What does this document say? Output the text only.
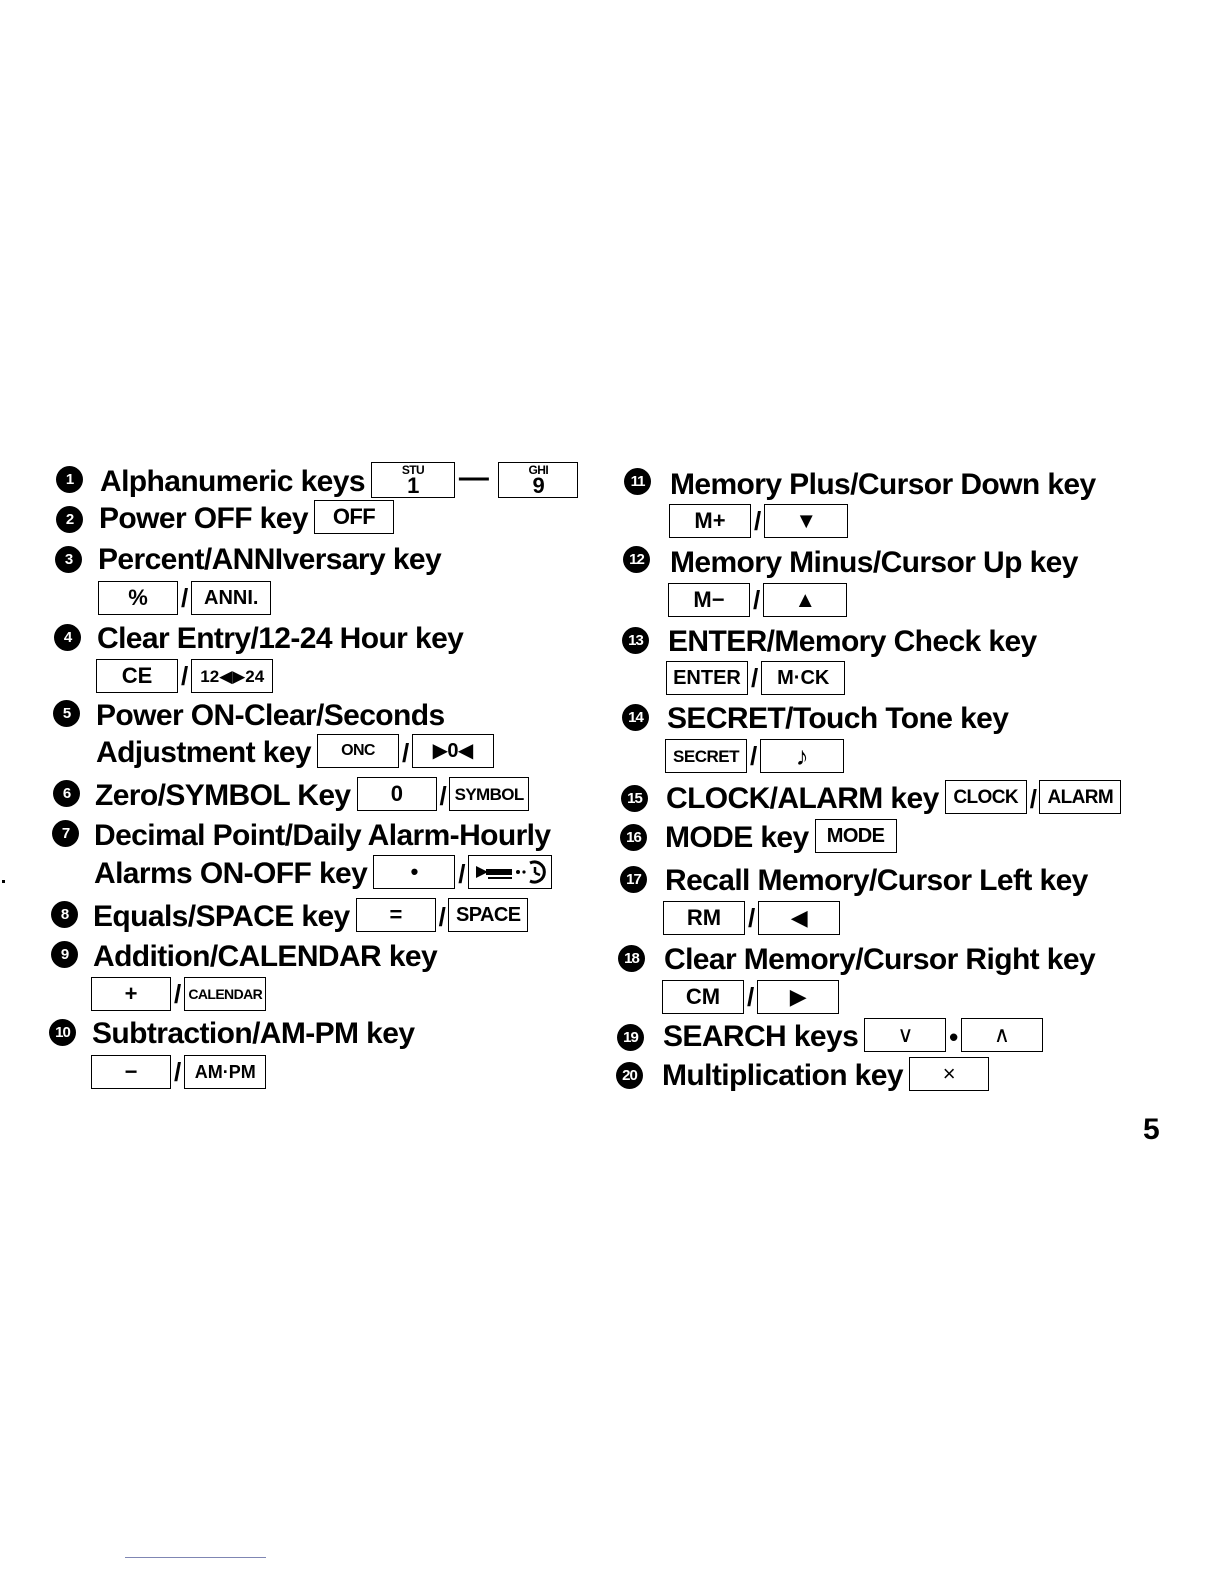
1 Alphanumeric keys	STU
1 —	GHI
9
2 Power OFF key OFF
3 Percent/ANNIversary key
%	/ ANNI.
4 Clear Entry/12-24 Hour key
CE	/ 12◀▶24
5 Power ON-Clear/Seconds
Adjustment key ONC / ▶0◀
6 Zero/SYMBOL Key 0 / SYMBOL
7 Decimal Point/Daily Alarm-Hourly
Alarms ON-OFF key • /
8 Equals/SPACE key = / SPACE
9 Addition/CALENDAR key
+	/ CALENDAR
10 Subtraction/AM-PM key
−	/ AM·PM
11 Memory Plus/Cursor Down key
M+	/	▼
12 Memory Minus/Cursor Up key
M−	/	▲
13 ENTER/Memory Check key
ENTER / M·CK
14 SECRET/Touch Tone key
SECRET /	♪
15 CLOCK/ALARM key CLOCK / ALARM
16 MODE key MODE
17 Recall Memory/Cursor Left key
RM	/	◀
18 Clear Memory/Cursor Right key
CM	/	▶
19 SEARCH keys ∨ • ∧
20 Multiplication key ×
5
